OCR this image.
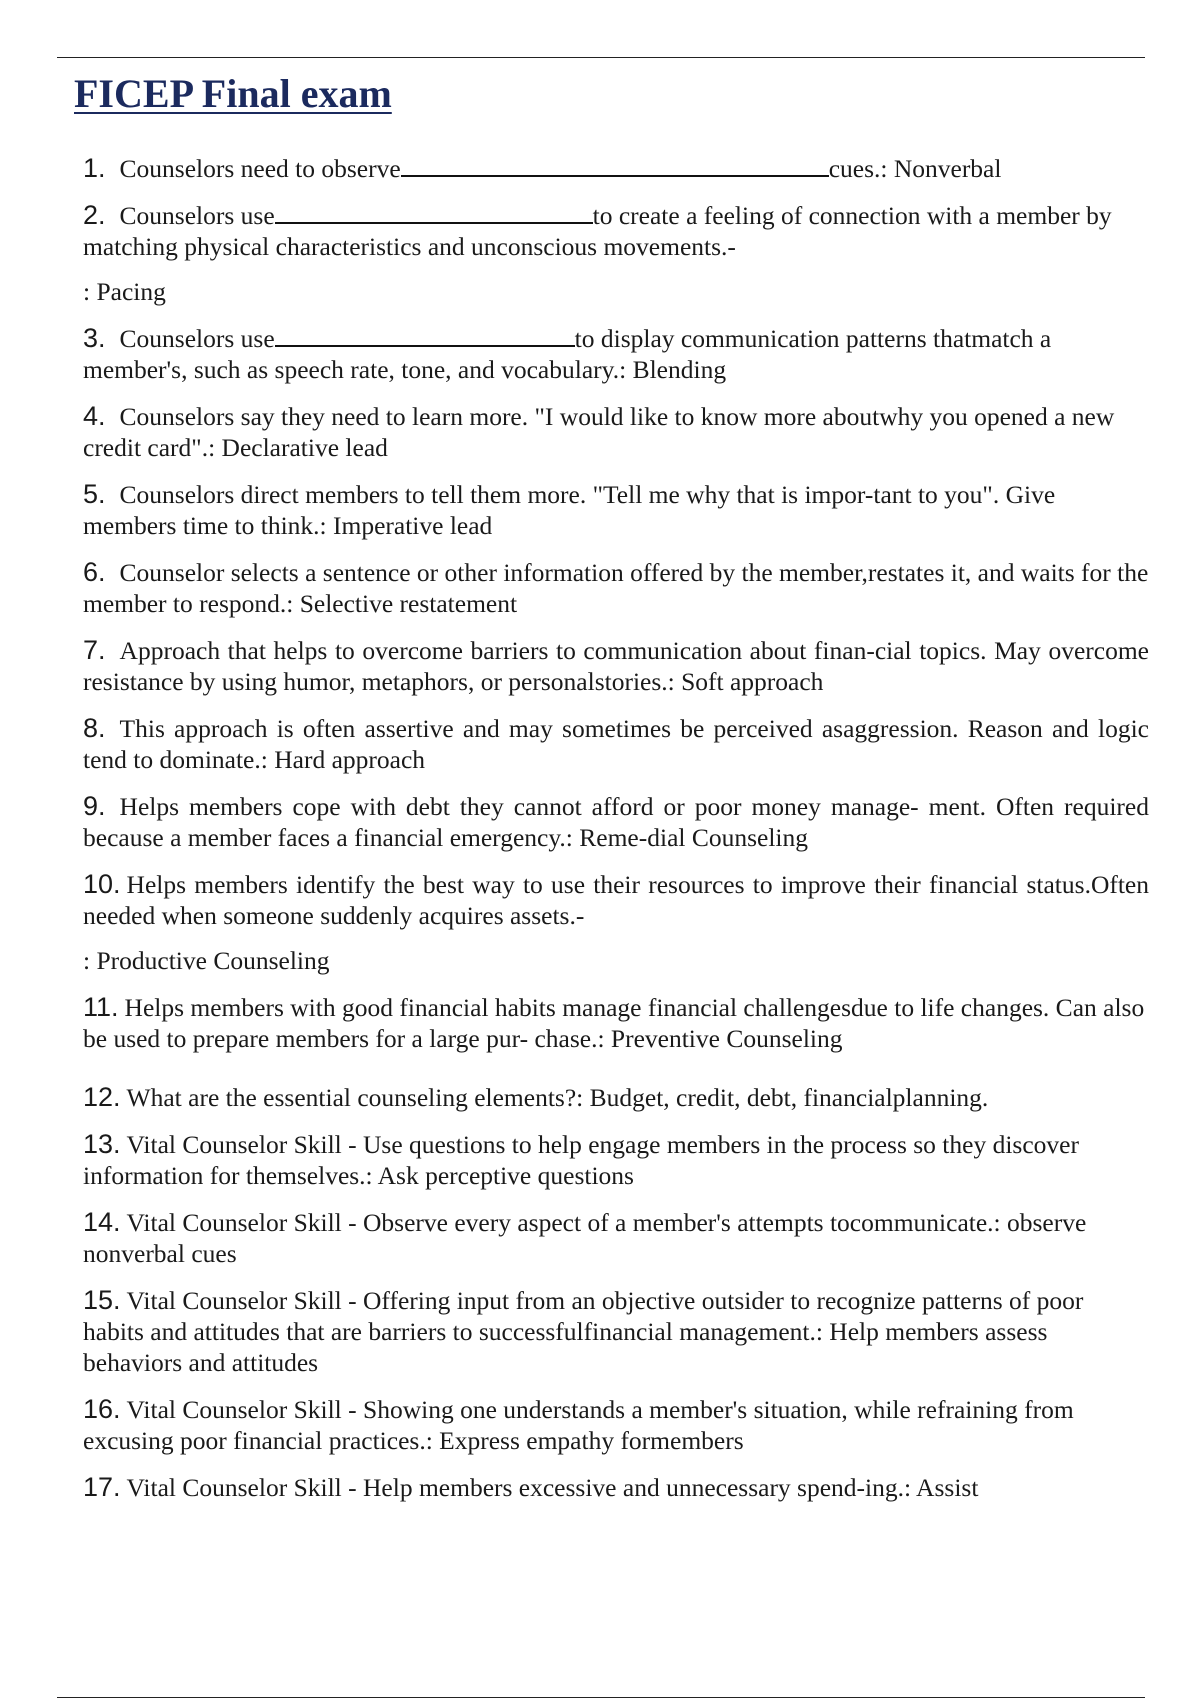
FICEP Final exam

1. Counselors need to observe	cues.: Nonverbal

2. Counselors use	to create a feeling of connection with a member by matching physical characteristics and unconscious movements.-
: Pacing

3. Counselors use	to display communication patterns thatmatch a member's, such as speech rate, tone, and vocabulary.: Blending

4. Counselors say they need to learn more. "I would like to know more aboutwhy you opened a new credit card".: Declarative lead

5. Counselors direct members to tell them more. "Tell me why that is impor-tant to you". Give members time to think.: Imperative lead

6. Counselor selects a sentence or other information offered by the member,restates it, and waits for the member to respond.: Selective restatement

7. Approach that helps to overcome barriers to communication about finan-cial topics. May overcome resistance by using humor, metaphors, or personalstories.: Soft approach

8. This approach is often assertive and may sometimes be perceived asaggression. Reason and logic tend to dominate.: Hard approach

9. Helps members cope with debt they cannot afford or poor money manage- ment. Often required because a member faces a financial emergency.: Reme-dial Counseling

10. Helps members identify the best way to use their resources to improve their financial status.Often needed when someone suddenly acquires assets.-
: Productive Counseling

11. Helps members with good financial habits manage financial challengesdue to life changes. Can also be used to prepare members for a large pur- chase.: Preventive Counseling

12. What are the essential counseling elements?: Budget, credit, debt, financialplanning.

13. Vital Counselor Skill - Use questions to help engage members in the process so they discover information for themselves.: Ask perceptive questions

14. Vital Counselor Skill - Observe every aspect of a member's attempts tocommunicate.: observe nonverbal cues

15. Vital Counselor Skill - Offering input from an objective outsider to recognize patterns of poor habits and attitudes that are barriers to successfulfinancial management.: Help members assess behaviors and attitudes

16. Vital Counselor Skill - Showing one understands a member's situation, while refraining from excusing poor financial practices.: Express empathy formembers

17. Vital Counselor Skill - Help members excessive and unnecessary spend-ing.: Assist
